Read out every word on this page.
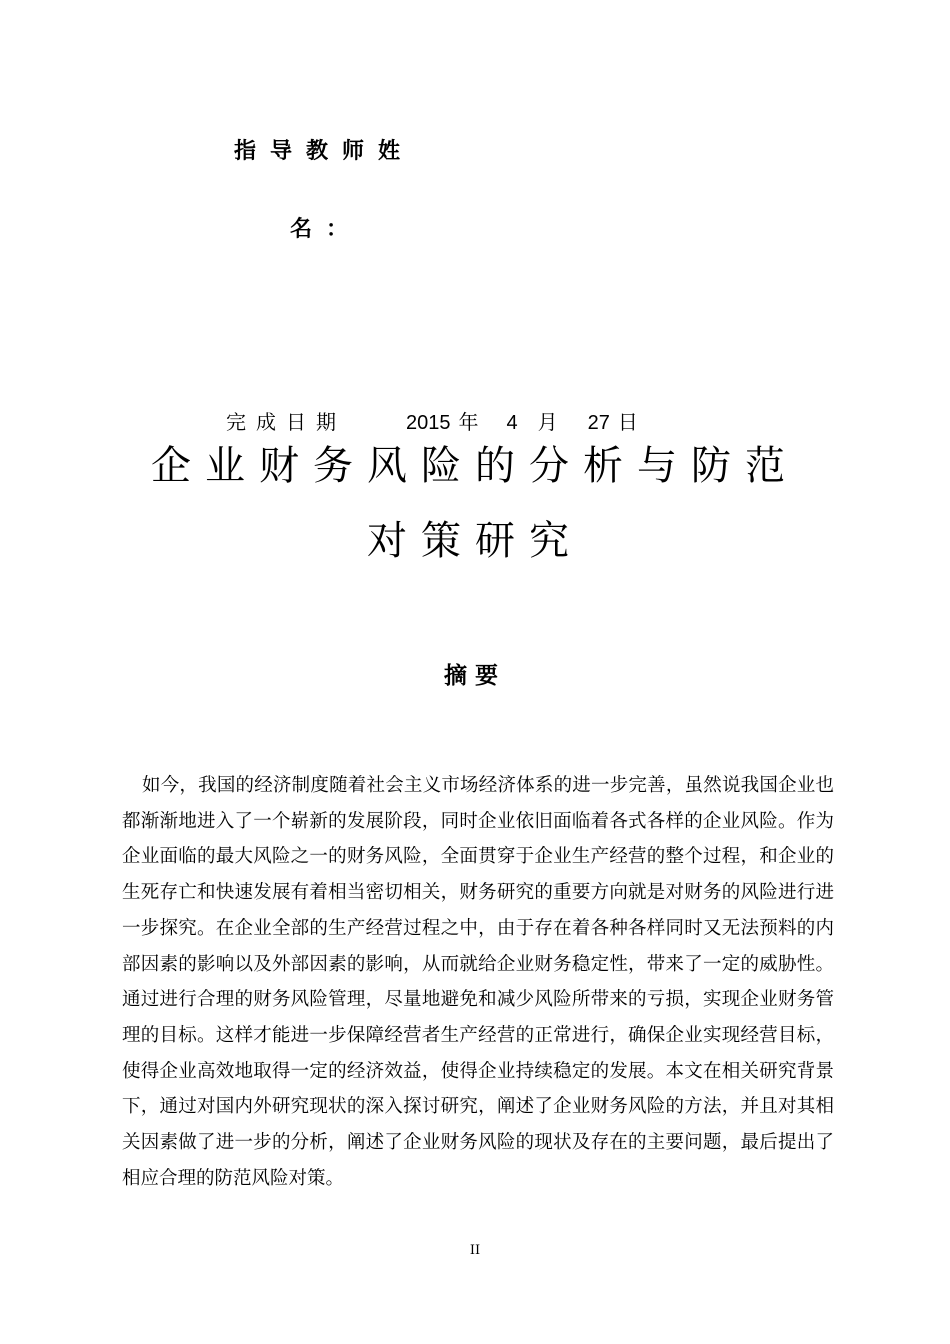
指导教师姓
名：
完成日期	2015 年 4 月 27 日
企业财务风险的分析与防范
对策研究
摘要
如今，我国的经济制度随着社会主义市场经济体系的进一步完善，虽然说我国企业也都渐渐地进入了一个崭新的发展阶段，同时企业依旧面临着各式各样的企业风险。作为企业面临的最大风险之一的财务风险，全面贯穿于企业生产经营的整个过程，和企业的生死存亡和快速发展有着相当密切相关，财务研究的重要方向就是对财务的风险进行进一步探究。在企业全部的生产经营过程之中，由于存在着各种各样同时又无法预料的内部因素的影响以及外部因素的影响，从而就给企业财务稳定性，带来了一定的威胁性。通过进行合理的财务风险管理，尽量地避免和减少风险所带来的亏损，实现企业财务管理的目标。这样才能进一步保障经营者生产经营的正常进行，确保企业实现经营目标，使得企业高效地取得一定的经济效益，使得企业持续稳定的发展。本文在相关研究背景下，通过对国内外研究现状的深入探讨研究，阐述了企业财务风险的方法，并且对其相关因素做了进一步的分析，阐述了企业财务风险的现状及存在的主要问题，最后提出了相应合理的防范风险对策。
II
